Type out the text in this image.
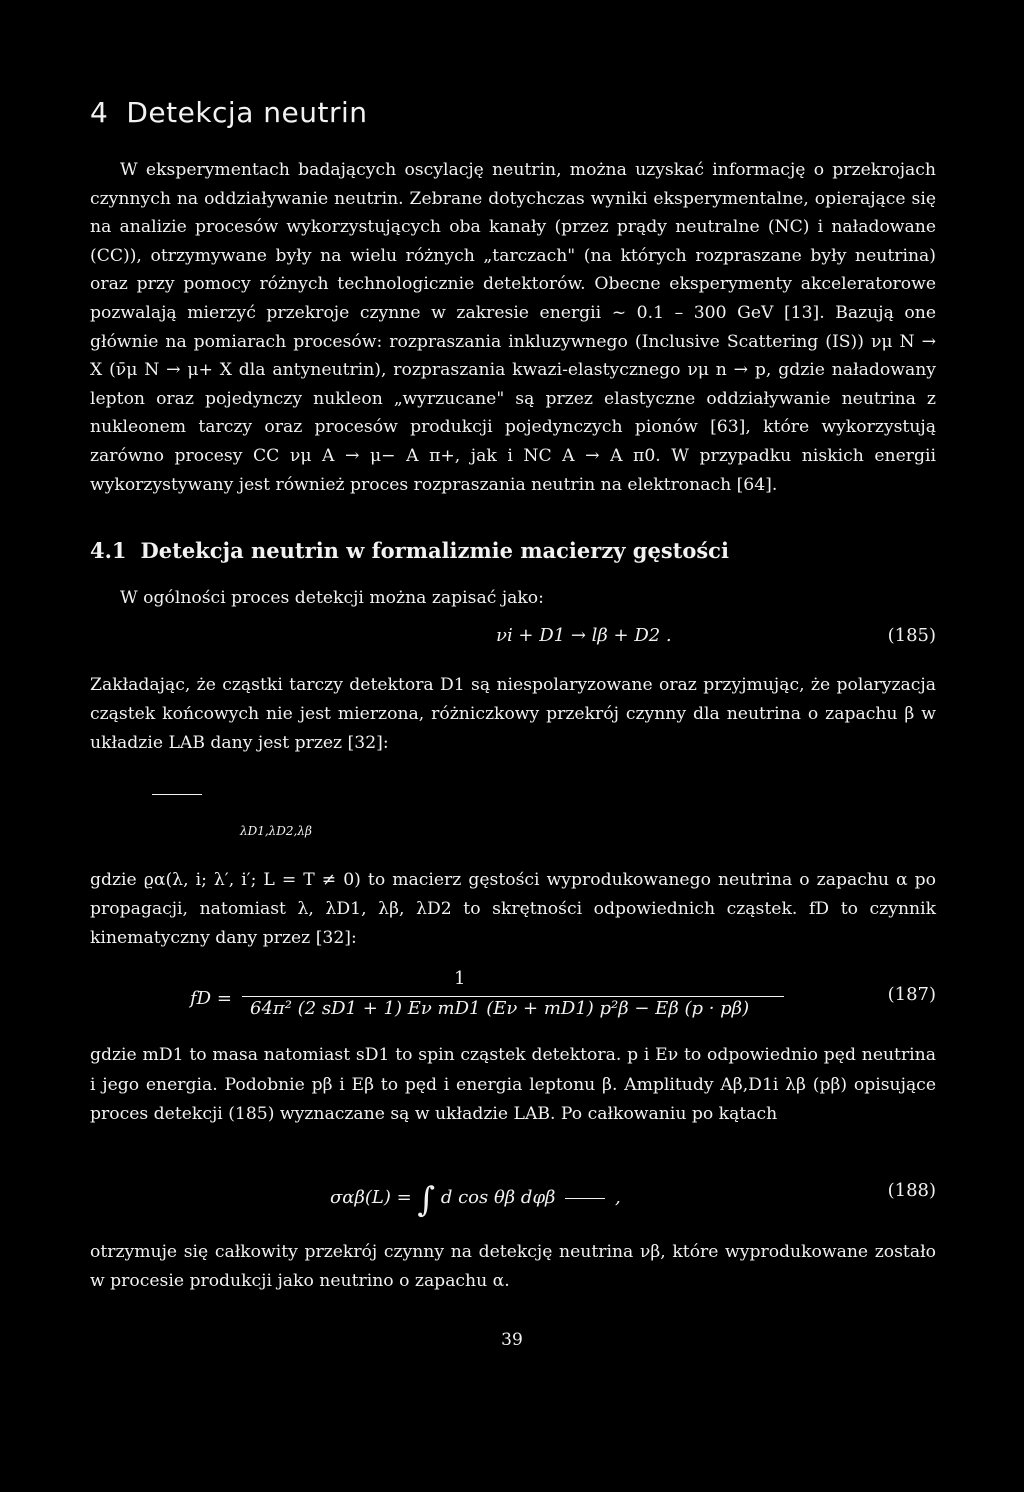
4 Detekcja neutrin

W eksperymentach badających oscylację neutrin, można uzyskać informację o przekrojach czynnych na oddziaływanie neutrin. Zebrane dotychczas wyniki eksperymentalne, opierające się na analizie procesów wykorzystujących oba kanały (przez prądy neutralne (NC) i naładowane (CC)), otrzymywane były na wielu różnych „tarczach" (na których rozpraszane były neutrina) oraz przy pomocy różnych technologicznie detektorów. Obecne eksperymenty akceleratorowe pozwalają mierzyć przekroje czynne w zakresie energii ~ 0.1 – 300 GeV [13]. Bazują one głównie na pomiarach procesów: rozpraszania inkluzywnego (Inclusive Scattering (IS)) νμ N → X (ν̄μ N → μ+ X dla antyneutrin), rozpraszania kwazi-elastycznego νμ n → p, gdzie naładowany lepton oraz pojedynczy nukleon „wyrzucane" są przez elastyczne oddziaływanie neutrina z nukleonem tarczy oraz procesów produkcji pojedynczych pionów [63], które wykorzystują zarówno procesy CC νμ A → μ− A π+, jak i NC A → A π0. W przypadku niskich energii wykorzystywany jest również proces rozpraszania neutrin na elektronach [64].

4.1 Detekcja neutrin w formalizmie macierzy gęstości

W ogólności proces detekcji można zapisać jako:

νi + D1 → lβ + D2 .	(185)

Zakładając, że cząstki tarczy detektora D1 są niespolaryzowane oraz przyjmując, że polaryzacja cząstek końcowych nie jest mierzona, różniczkowy przekrój czynny dla neutrina o zapachu β w układzie LAB dany jest przez [32]:

λD1,λD2,λβ

gdzie ϱα(λ, i; λ′, i′; L = T ≠ 0) to macierz gęstości wyprodukowanego neutrina o zapachu α po propagacji, natomiast λ, λD1, λβ, λD2 to skrętności odpowiednich cząstek. fD to czynnik kinematyczny dany przez [32]:

fD =
1
64π² (2 sD1 + 1) Eν mD1 (Eν + mD1) p²β − Eβ (p · pβ)
(187)

gdzie mD1 to masa natomiast sD1 to spin cząstek detektora. p i Eν to odpowiednio pęd neutrina i jego energia. Podobnie pβ i Eβ to pęd i energia leptonu β. Amplitudy Aβ,D1i λβ (pβ) opisujące proces detekcji (185) wyznaczane są w układzie LAB. Po całkowaniu po kątach

σαβ(L) = ∫ d cos θβ dφβ	,	(188)

otrzymuje się całkowity przekrój czynny na detekcję neutrina νβ, które wyprodukowane zostało w procesie produkcji jako neutrino o zapachu α.

39
